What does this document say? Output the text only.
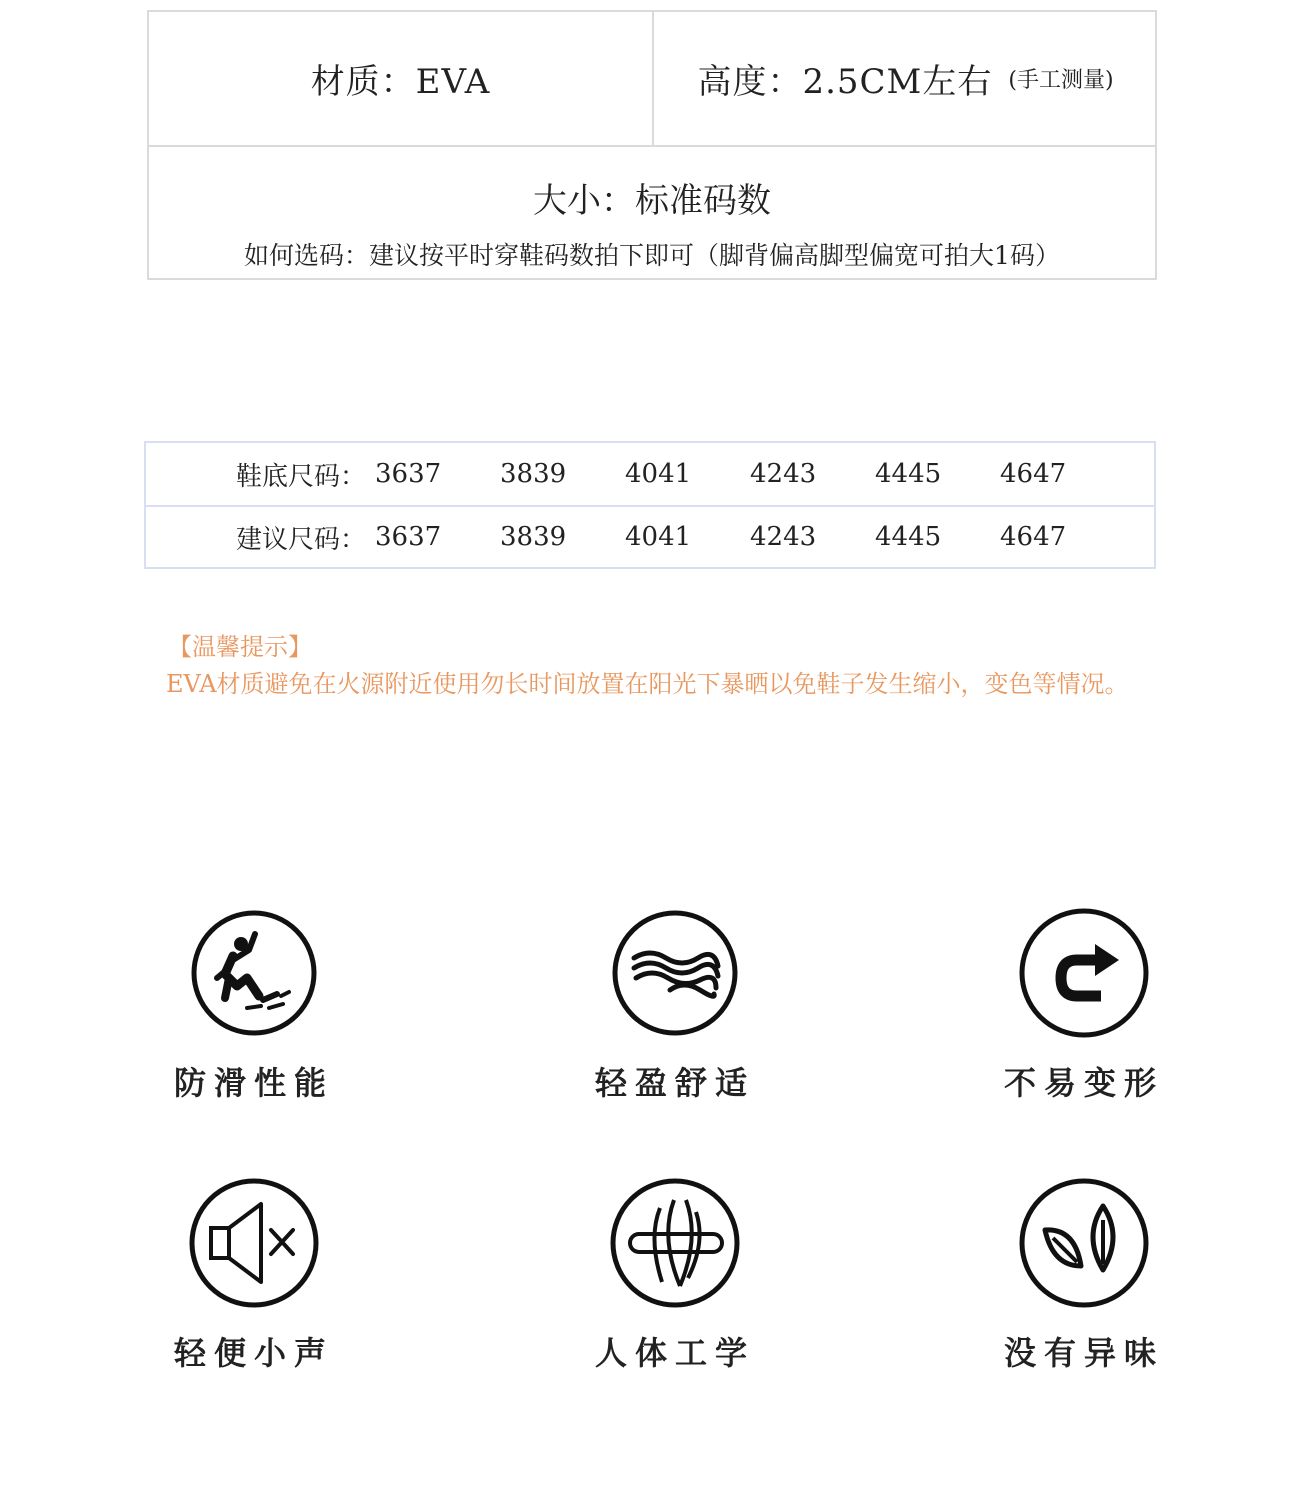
材质：EVA	高度：2.5CM左右 (手工测量)
大小：标准码数
如何选码：建议按平时穿鞋码数拍下即可（脚背偏高脚型偏宽可拍大1码）
鞋底尺码： 3637 3839 4041 4243 4445 4647
建议尺码： 3637 3839 4041 4243 4445 4647
【温馨提示】
EVA材质避免在火源附近使用勿长时间放置在阳光下暴晒以免鞋子发生缩小，变色等情况。
防滑性能	轻盈舒适	不易变形
轻便小声	人体工学	没有异味
